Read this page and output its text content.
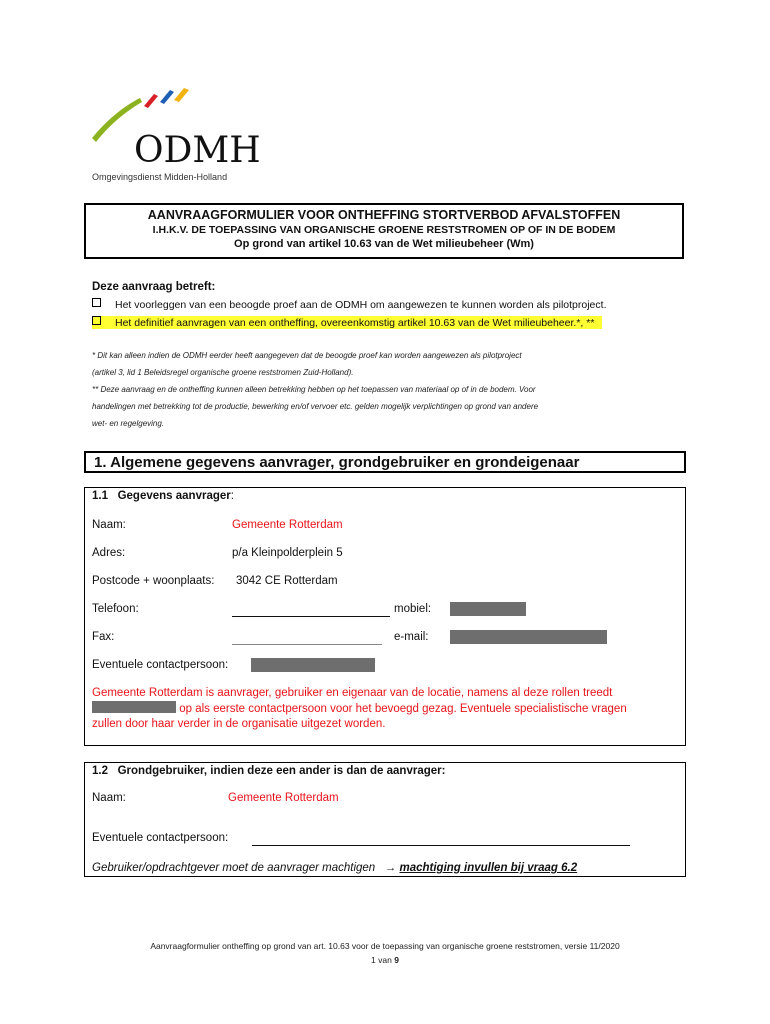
ODMH
Omgevingsdienst Midden-Holland
AANVRAAGFORMULIER VOOR ONTHEFFING STORTVERBOD AFVALSTOFFEN
I.H.K.V. DE TOEPASSING VAN ORGANISCHE GROENE RESTSTROMEN OP OF IN DE BODEM
Op grond van artikel 10.63 van de Wet milieubeheer (Wm)
Deze aanvraag betreft:
Het voorleggen van een beoogde proef aan de ODMH om aangewezen te kunnen worden als pilotproject.
Het definitief aanvragen van een ontheffing, overeenkomstig artikel 10.63 van de Wet milieubeheer.*, **
* Dit kan alleen indien de ODMH eerder heeft aangegeven dat de beoogde proef kan worden aangewezen als pilotproject
(artikel 3, lid 1 Beleidsregel organische groene reststromen Zuid-Holland).
** Deze aanvraag en de ontheffing kunnen alleen betrekking hebben op het toepassen van materiaal op of in de bodem. Voor
handelingen met betrekking tot de productie, bewerking en/of vervoer etc. gelden mogelijk verplichtingen op grond van andere
wet- en regelgeving.
1. Algemene gegevens aanvrager, grondgebruiker en grondeigenaar
1.1 Gegevens aanvrager:
Naam:	Gemeente Rotterdam
Adres:	p/a Kleinpolderplein 5
Postcode + woonplaats: 3042 CE Rotterdam
Telefoon:	mobiel:
Fax:	e-mail:
Eventuele contactpersoon:
Gemeente Rotterdam is aanvrager, gebruiker en eigenaar van de locatie, namens al deze rollen treedt
op als eerste contactpersoon voor het bevoegd gezag. Eventuele specialistische vragen
zullen door haar verder in de organisatie uitgezet worden.
1.2 Grondgebruiker, indien deze een ander is dan de aanvrager:
Naam:	Gemeente Rotterdam
Eventuele contactpersoon:
Gebruiker/opdrachtgever moet de aanvrager machtigen → machtiging invullen bij vraag 6.2
Aanvraagformulier ontheffing op grond van art. 10.63 voor de toepassing van organische groene reststromen, versie 11/2020
1 van 9
